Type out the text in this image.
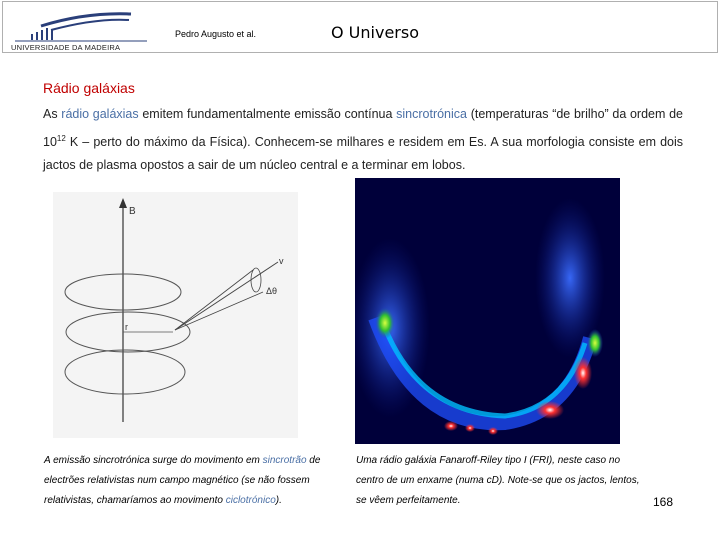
UNIVERSIDADE DA MADEIRA
Pedro Augusto et al.	O Universo
Rádio galáxias
As rádio galáxias emitem fundamentalmente emissão contínua sincrotrónica (temperaturas “de brilho” da ordem de $10^{12}$ K – perto do máximo da Física). Conhecem-se milhares e residem em Es. A sua morfologia consiste em dois jactos de plasma opostos a sair de um núcleo central e a terminar em lobos.
B
r
v
Δθ
A emissão sincrotrónica surge do movimento em sincrotrão de electrões relativistas num campo magnético (se não fossem relativistas, chamaríamos ao movimento ciclotrónico).
Uma rádio galáxia Fanaroff-Riley tipo I (FRI), neste caso no centro de um enxame (numa cD). Note-se que os jactos, lentos, se vêem perfeitamente.	168
